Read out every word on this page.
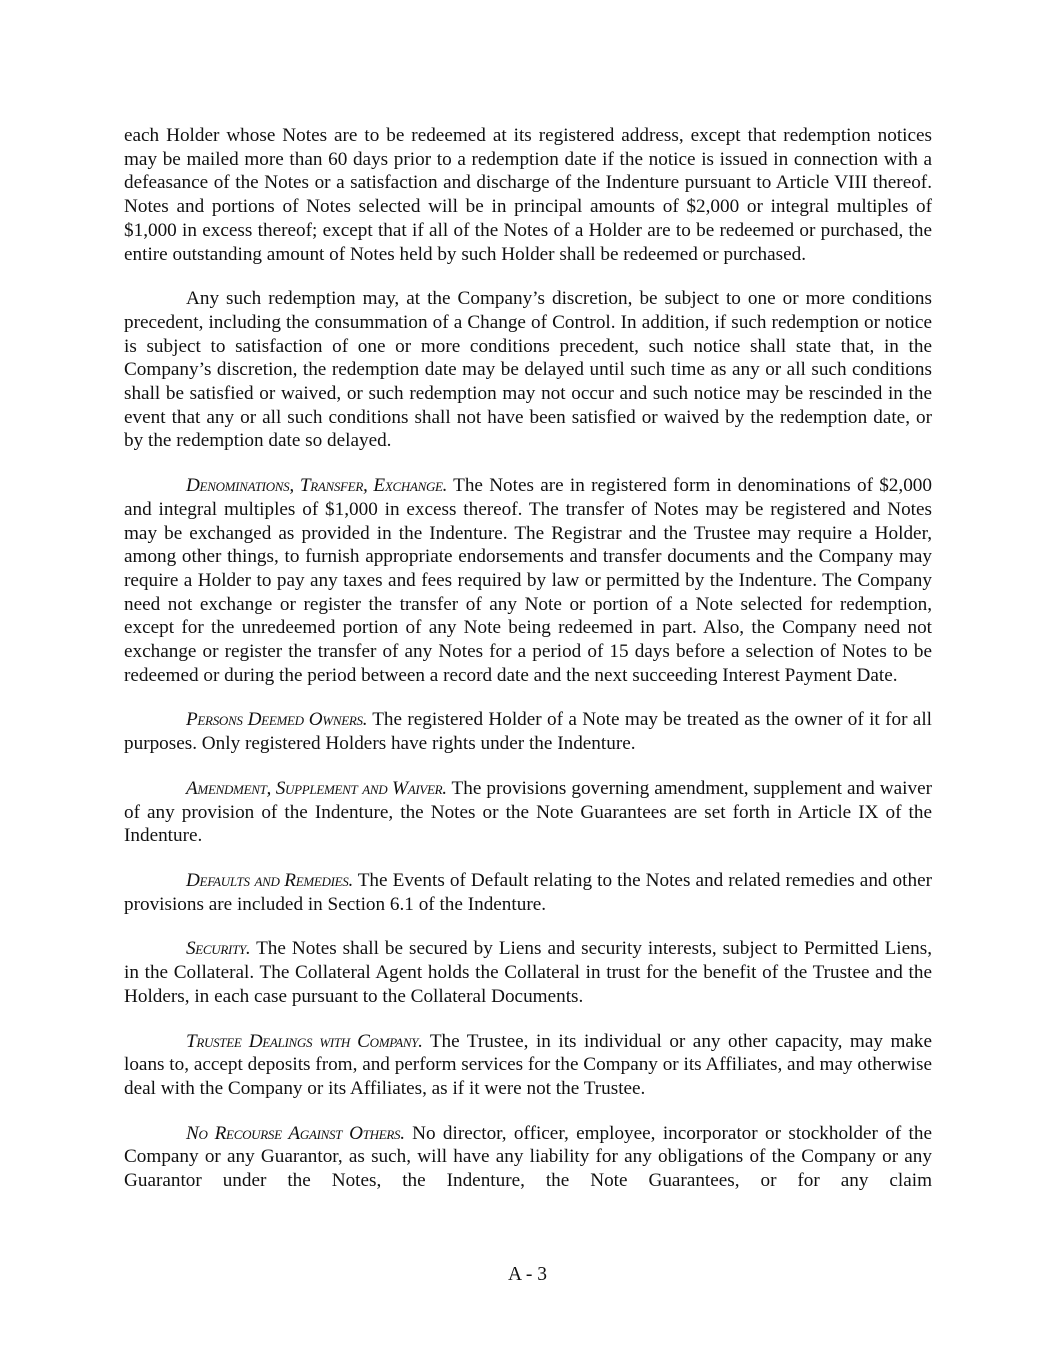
each Holder whose Notes are to be redeemed at its registered address, except that redemption notices may be mailed more than 60 days prior to a redemption date if the notice is issued in connection with a defeasance of the Notes or a satisfaction and discharge of the Indenture pursuant to Article VIII thereof. Notes and portions of Notes selected will be in principal amounts of $2,000 or integral multiples of $1,000 in excess thereof; except that if all of the Notes of a Holder are to be redeemed or purchased, the entire outstanding amount of Notes held by such Holder shall be redeemed or purchased.

Any such redemption may, at the Company’s discretion, be subject to one or more conditions precedent, including the consummation of a Change of Control. In addition, if such redemption or notice is subject to satisfaction of one or more conditions precedent, such notice shall state that, in the Company’s discretion, the redemption date may be delayed until such time as any or all such conditions shall be satisfied or waived, or such redemption may not occur and such notice may be rescinded in the event that any or all such conditions shall not have been satisfied or waived by the redemption date, or by the redemption date so delayed.

Denominations, Transfer, Exchange. The Notes are in registered form in denominations of $2,000 and integral multiples of $1,000 in excess thereof. The transfer of Notes may be registered and Notes may be exchanged as provided in the Indenture. The Registrar and the Trustee may require a Holder, among other things, to furnish appropriate endorsements and transfer documents and the Company may require a Holder to pay any taxes and fees required by law or permitted by the Indenture. The Company need not exchange or register the transfer of any Note or portion of a Note selected for redemption, except for the unredeemed portion of any Note being redeemed in part. Also, the Company need not exchange or register the transfer of any Notes for a period of 15 days before a selection of Notes to be redeemed or during the period between a record date and the next succeeding Interest Payment Date.

Persons Deemed Owners. The registered Holder of a Note may be treated as the owner of it for all purposes. Only registered Holders have rights under the Indenture.

Amendment, Supplement and Waiver. The provisions governing amendment, supplement and waiver of any provision of the Indenture, the Notes or the Note Guarantees are set forth in Article IX of the Indenture.

Defaults and Remedies. The Events of Default relating to the Notes and related remedies and other provisions are included in Section 6.1 of the Indenture.

Security. The Notes shall be secured by Liens and security interests, subject to Permitted Liens, in the Collateral. The Collateral Agent holds the Collateral in trust for the benefit of the Trustee and the Holders, in each case pursuant to the Collateral Documents.

Trustee Dealings with Company. The Trustee, in its individual or any other capacity, may make loans to, accept deposits from, and perform services for the Company or its Affiliates, and may otherwise deal with the Company or its Affiliates, as if it were not the Trustee.

No Recourse Against Others. No director, officer, employee, incorporator or stockholder of the Company or any Guarantor, as such, will have any liability for any obligations of the Company or any Guarantor under the Notes, the Indenture, the Note Guarantees, or for any claim

A - 3
